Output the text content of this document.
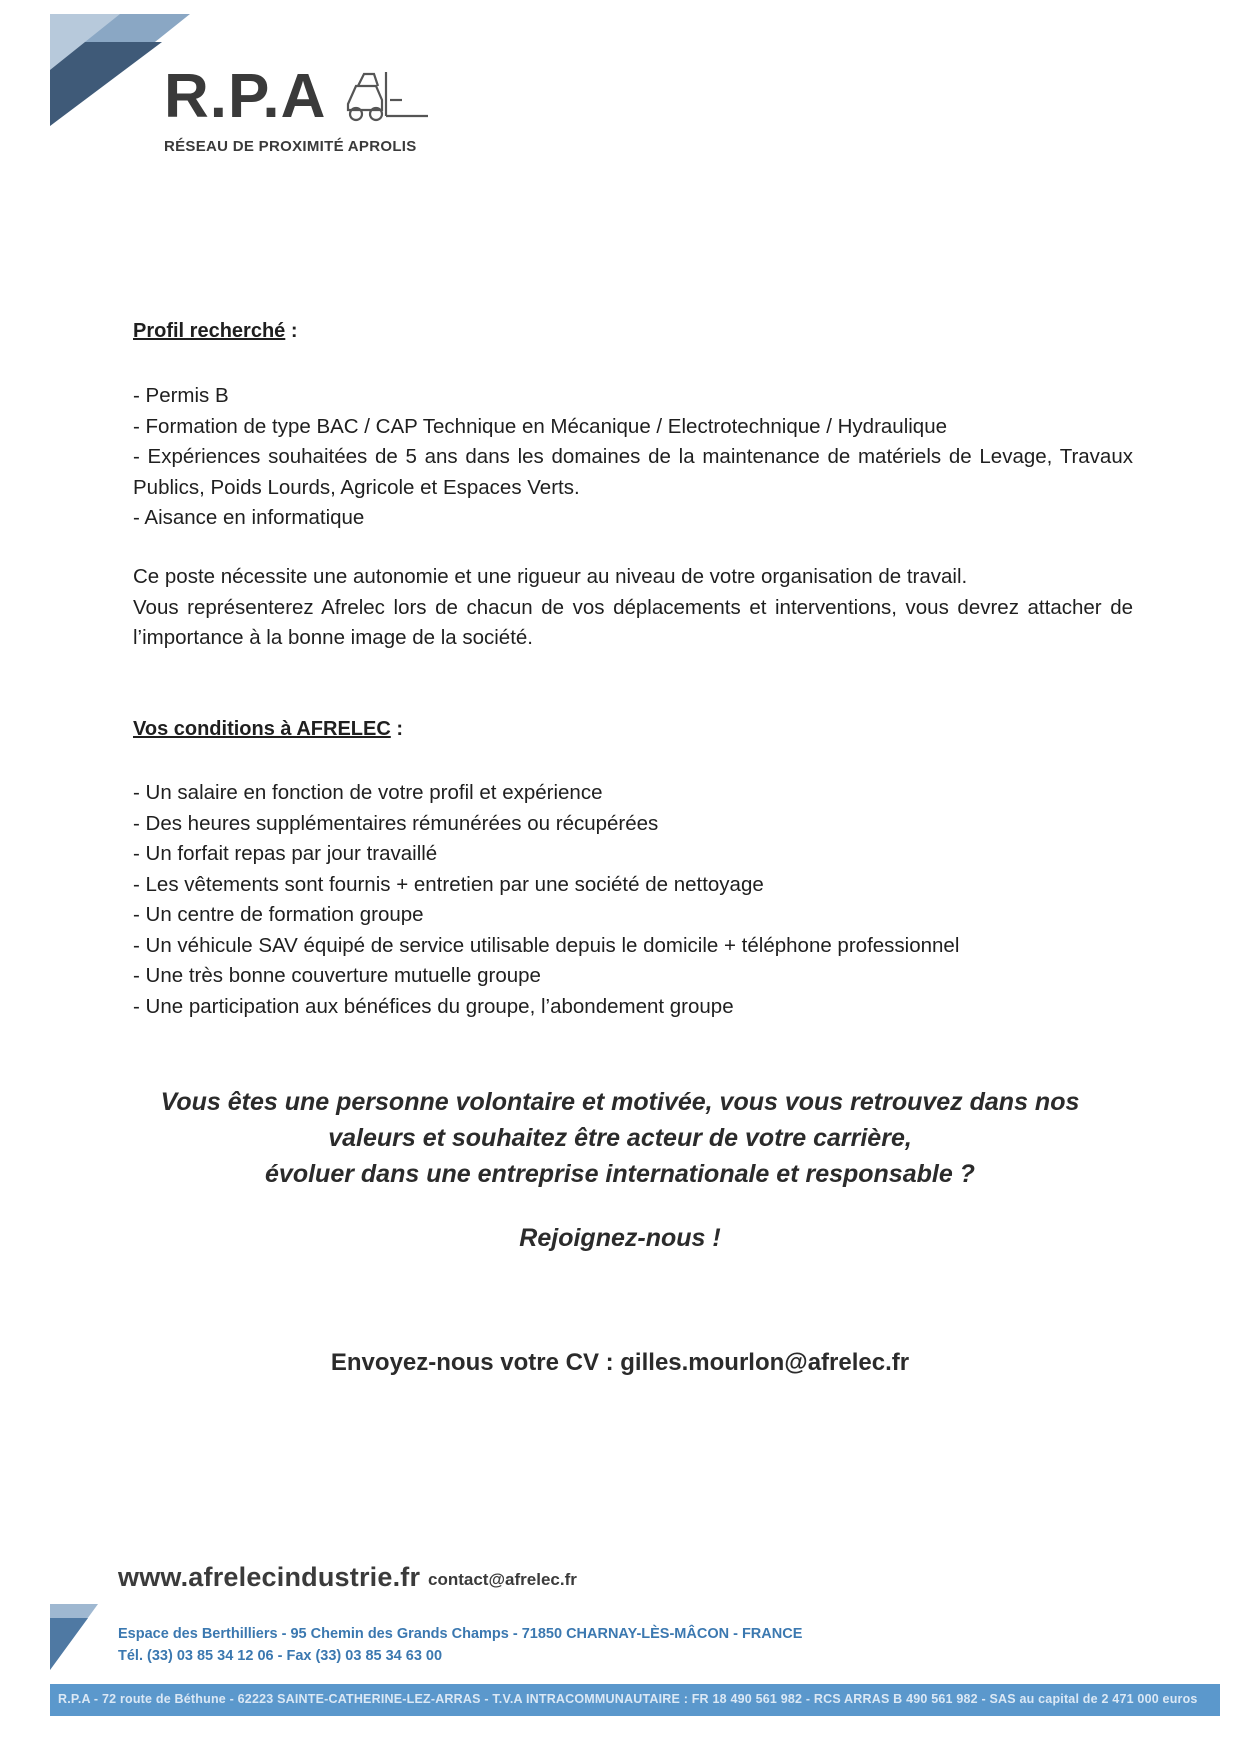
R.P.A
RÉSEAU DE PROXIMITÉ APROLIS
Profil recherché :
- Permis B
- Formation de type BAC / CAP Technique en Mécanique / Electrotechnique / Hydraulique
- Expériences souhaitées de 5 ans dans les domaines de la maintenance de matériels de Levage, Travaux Publics, Poids Lourds, Agricole et Espaces Verts.
- Aisance en informatique

Ce poste nécessite une autonomie et une rigueur au niveau de votre organisation de travail.

Vous représenterez Afrelec lors de chacun de vos déplacements et interventions, vous devrez attacher de l’importance à la bonne image de la société.

Vos conditions à AFRELEC :
- Un salaire en fonction de votre profil et expérience
- Des heures supplémentaires rémunérées ou récupérées
- Un forfait repas par jour travaillé
- Les vêtements sont fournis + entretien par une société de nettoyage
- Un centre de formation groupe
- Un véhicule SAV équipé de service utilisable depuis le domicile + téléphone professionnel
- Une très bonne couverture mutuelle groupe
- Une participation aux bénéfices du groupe, l’abondement groupe
Vous êtes une personne volontaire et motivée, vous vous retrouvez dans nos
valeurs et souhaitez être acteur de votre carrière,
évoluer dans une entreprise internationale et responsable ?
Rejoignez-nous !
Envoyez-nous votre CV : gilles.mourlon@afrelec.fr
www.afrelecindustrie.fr contact@afrelec.fr
Espace des Berthilliers - 95 Chemin des Grands Champs - 71850 CHARNAY-LÈS-MÂCON - FRANCE
Tél. (33) 03 85 34 12 06 - Fax (33) 03 85 34 63 00
R.P.A - 72 route de Béthune - 62223 SAINTE-CATHERINE-LEZ-ARRAS - T.V.A INTRACOMMUNAUTAIRE : FR 18 490 561 982 - RCS ARRAS B 490 561 982 - SAS au capital de 2 471 000 euros
